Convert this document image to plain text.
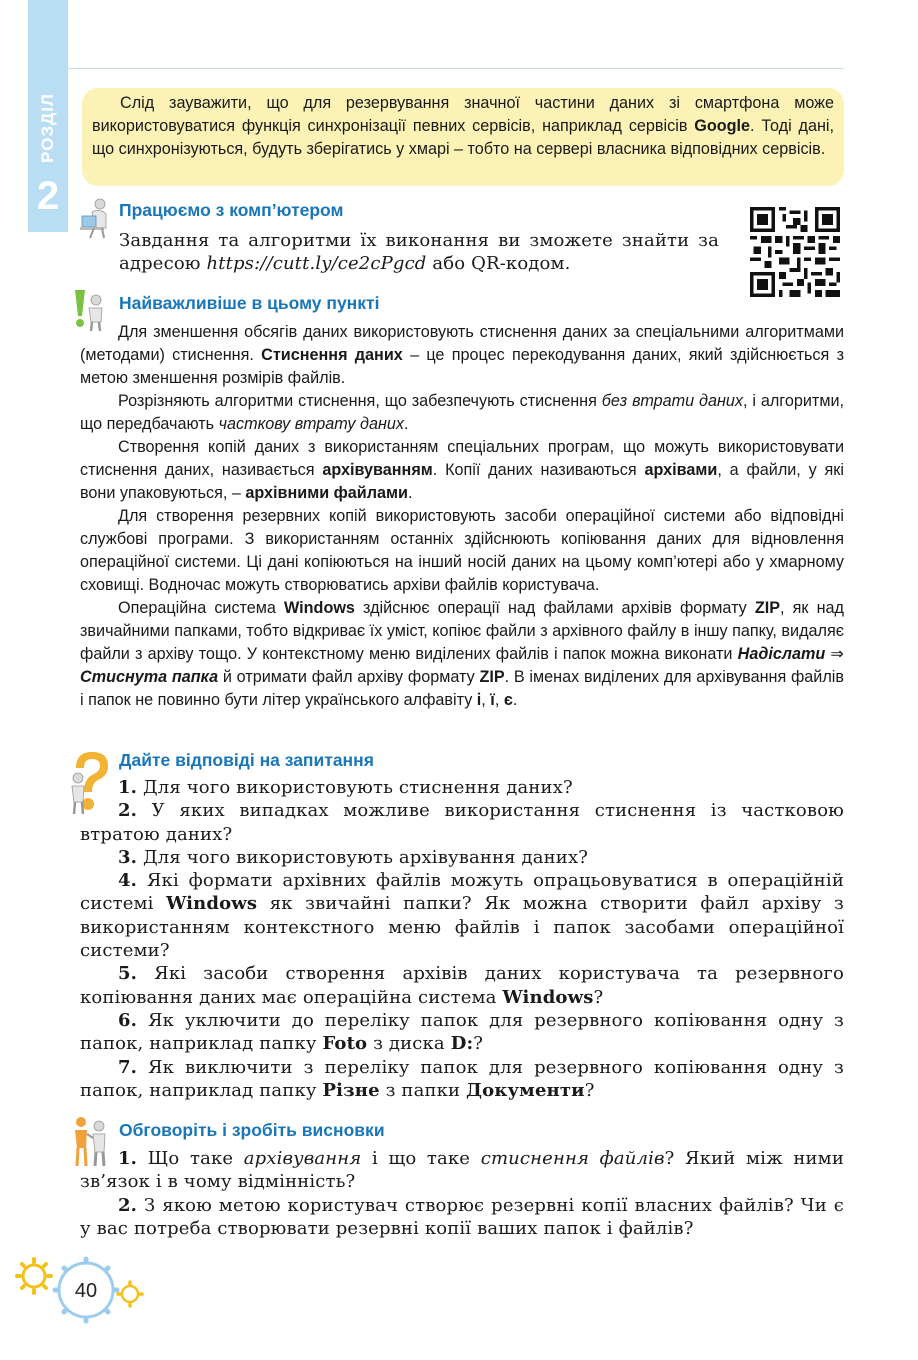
РОЗДІЛ
2
Слід зауважити, що для резервування значної частини даних зі смартфона може використовуватися функція синхронізації певних сервісів, наприклад сервісів Google. Тоді дані, що синхронізуються, будуть зберігатись у хмарі – тобто на сервері власника відповідних сервісів.
Працюємо з комп’ютером
Завдання та алгоритми їх виконання ви зможете знайти за адресою https://cutt.ly/ce2cPgcd або QR-кодом.
Найважливіше в цьому пункті

Для зменшення обсягів даних використовують стиснення даних за спеціальними алгоритмами (методами) стиснення. Стиснення даних – це процес перекодування даних, який здійснюється з метою зменшення розмірів файлів.

Розрізняють алгоритми стиснення, що забезпечують стиснення без втрати даних, і алгоритми, що передбачають часткову втрату даних.

Створення копій даних з використанням спеціальних програм, що можуть використовувати стиснення даних, називається архівуванням. Копії даних називаються архівами, а файли, у які вони упаковуються, – архівними файлами.

Для створення резервних копій використовують засоби операційної системи або відповідні службові програми. З використанням останніх здійснюють копіювання даних для відновлення операційної системи. Ці дані копіюються на інший носій даних на цьому комп’ютері або у хмарному сховищі. Водночас можуть створюватись архіви файлів користувача.

Операційна система Windows здійснює операції над файлами архівів формату ZIP, як над звичайними папками, тобто відкриває їх уміст, копіює файли з архівного файлу в іншу папку, видаляє файли з архіву тощо. У контекстному меню виділених файлів і папок можна виконати Надіслати ⇒ Стиснута папка й отримати файл архіву формату ZIP. В іменах виділених для архівування файлів і папок не повинно бути літер українського алфавіту і, ї, є.

Дайте відповіді на запитання

1. Для чого використовують стиснення даних?

2. У яких випадках можливе використання стиснення із частковою втратою даних?

3. Для чого використовують архівування даних?

4. Які формати архівних файлів можуть опрацьовуватися в операційній системі Windows як звичайні папки? Як можна створити файл архіву з використанням контекстного меню файлів і папок засобами операційної системи?

5. Які засоби створення архівів даних користувача та резервного копіювання даних має операційна система Windows?

6. Як уключити до переліку папок для резервного копіювання одну з папок, наприклад папку Foto з диска D:?

7. Як виключити з переліку папок для резервного копіювання одну з папок, наприклад папку Різне з папки Документи?

Обговоріть і зробіть висновки

1. Що таке архівування і що таке стиснення файлів? Який між ними зв’язок і в чому відмінність?

2. З якою метою користувач створює резервні копії власних файлів? Чи є у вас потреба створювати резервні копії ваших папок і файлів?

40
